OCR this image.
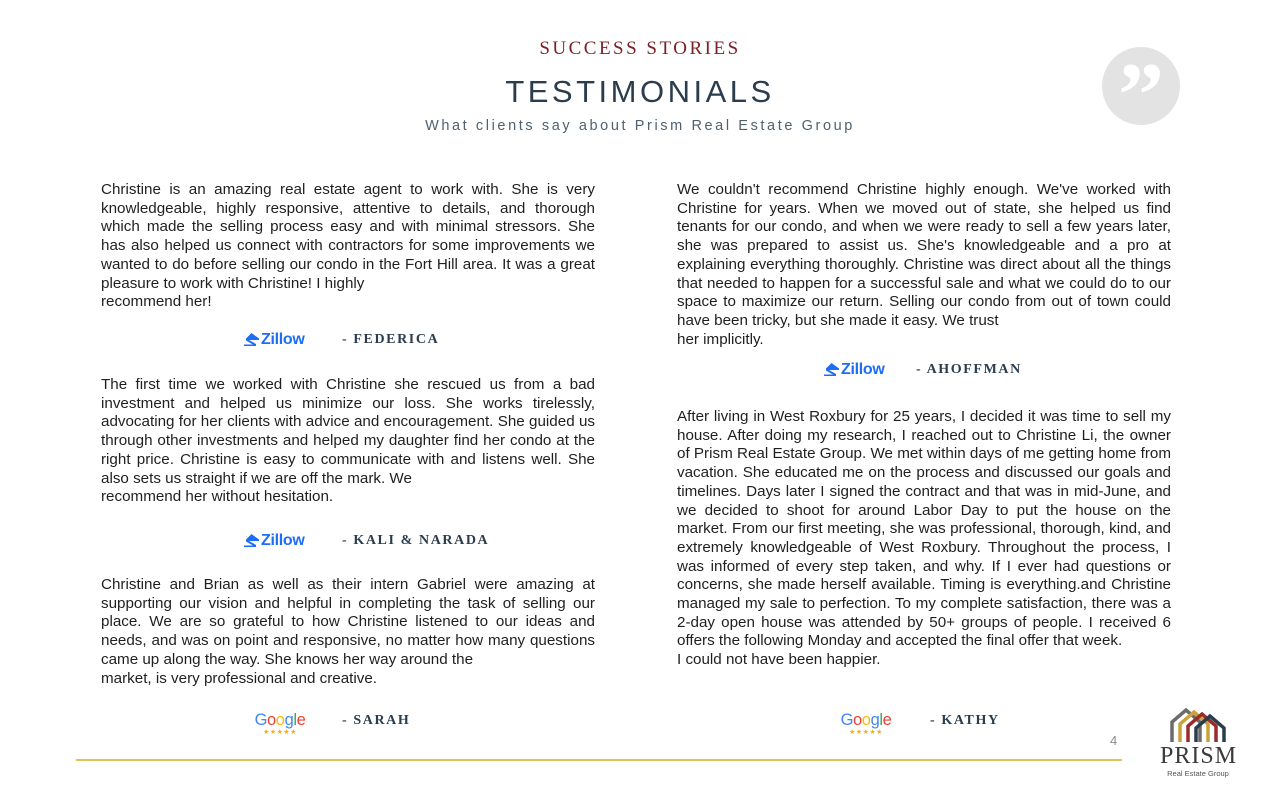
SUCCESS STORIES
TESTIMONIALS
What clients say about Prism Real Estate Group	”

Christine is an amazing real estate agent to work with. She is very knowledgeable, highly responsive, attentive to details, and thorough which made the selling process easy and with minimal stressors. She has also helped us connect with contractors for some improvements we wanted to do before selling our condo in the Fort Hill area. It was a great pleasure to work with Christine! I highly
recommend her!

Zillow	- FEDERICA

The first time we worked with Christine she rescued us from a bad investment and helped us minimize our loss. She works tirelessly, advocating for her clients with advice and encouragement. She guided us through other investments and helped my daughter find her condo at the right price. Christine is easy to communicate with and listens well. She also sets us straight if we are off the mark. We
recommend her without hesitation.

Zillow	- KALI & NARADA

Christine and Brian as well as their intern Gabriel were amazing at supporting our vision and helpful in completing the task of selling our place. We are so grateful to how Christine listened to our ideas and needs, and was on point and responsive, no matter how many questions came up along the way. She knows her way around the
market, is very professional and creative.

Google
★★★★★
- SARAH

We couldn't recommend Christine highly enough. We've worked with Christine for years. When we moved out of state, she helped us find tenants for our condo, and when we were ready to sell a few years later, she was prepared to assist us. She's knowledgeable and a pro at explaining everything thoroughly. Christine was direct about all the things that needed to happen for a successful sale and what we could do to our space to maximize our return. Selling our condo from out of town could have been tricky, but she made it easy. We trust
her implicitly.

Zillow - AHOFFMAN

After living in West Roxbury for 25 years, I decided it was time to sell my house. After doing my research, I reached out to Christine Li, the owner of Prism Real Estate Group. We met within days of me getting home from vacation. She educated me on the process and discussed our goals and timelines. Days later I signed the contract and that was in mid-June, and we decided to shoot for around Labor Day to put the house on the market. From our first meeting, she was professional, thorough, kind, and extremely knowledgeable of West Roxbury. Throughout the process, I was informed of every step taken, and why. If I ever had questions or concerns, she made herself available. Timing is everything.and Christine managed my sale to perfection. To my complete satisfaction, there was a 2-day open house was attended by 50+ groups of people. I received 6 offers the following Monday and accepted the final offer that week.
I could not have been happier.

Google
★★★★★
- KATHY
4
PRISM
Real Estate Group
